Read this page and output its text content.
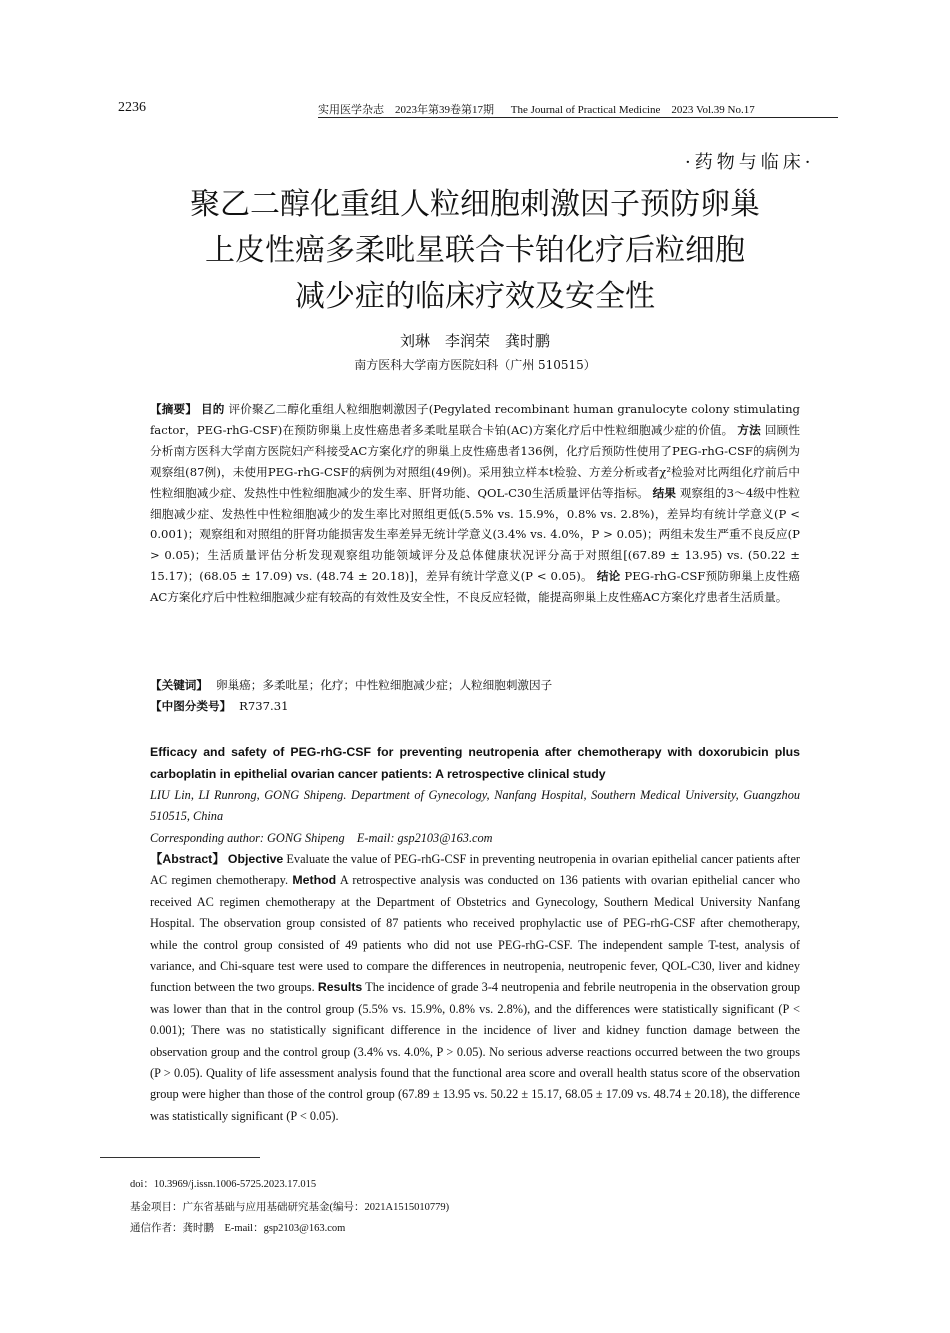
2236	实用医学杂志　2023年第39卷第17期 The Journal of Practical Medicine　2023 Vol.39 No.17
·药物与临床·
聚乙二醇化重组人粒细胞刺激因子预防卵巢
上皮性癌多柔吡星联合卡铂化疗后粒细胞
减少症的临床疗效及安全性
刘琳　李润荣　龚时鹏
南方医科大学南方医院妇科（广州 510515）
【摘要】 目的 评价聚乙二醇化重组人粒细胞刺激因子(Pegylated recombinant human granulocyte colony stimulating factor，PEG-rhG-CSF)在预防卵巢上皮性癌患者多柔吡星联合卡铂(AC)方案化疗后中性粒细胞减少症的价值。 方法 回顾性分析南方医科大学南方医院妇产科接受AC方案化疗的卵巢上皮性癌患者136例，化疗后预防性使用了PEG-rhG-CSF的病例为观察组(87例)，未使用PEG-rhG-CSF的病例为对照组(49例)。采用独立样本t检验、方差分析或者χ²检验对比两组化疗前后中性粒细胞减少症、发热性中性粒细胞减少的发生率、肝肾功能、QOL-C30生活质量评估等指标。 结果 观察组的3～4级中性粒细胞减少症、发热性中性粒细胞减少的发生率比对照组更低(5.5% vs. 15.9%，0.8% vs. 2.8%)，差异均有统计学意义(P < 0.001)；观察组和对照组的肝肾功能损害发生率差异无统计学意义(3.4% vs. 4.0%，P > 0.05)；两组未发生严重不良反应(P > 0.05)；生活质量评估分析发现观察组功能领域评分及总体健康状况评分高于对照组[(67.89 ± 13.95) vs. (50.22 ± 15.17)；(68.05 ± 17.09) vs. (48.74 ± 20.18)]，差异有统计学意义(P < 0.05)。 结论 PEG-rhG-CSF预防卵巢上皮性癌AC方案化疗后中性粒细胞减少症有较高的有效性及安全性，不良反应轻微，能提高卵巢上皮性癌AC方案化疗患者生活质量。
【关键词】 卵巢癌；多柔吡星；化疗；中性粒细胞减少症；人粒细胞刺激因子
【中图分类号】 R737.31
Efficacy and safety of PEG-rhG-CSF for preventing neutropenia after chemotherapy with doxorubicin plus carboplatin in epithelial ovarian cancer patients: A retrospective clinical study
LIU Lin, LI Runrong, GONG Shipeng. Department of Gynecology, Nanfang Hospital, Southern Medical University, Guangzhou 510515, China
Corresponding author: GONG Shipeng　E-mail: gsp2103@163.com
【Abstract】 Objective Evaluate the value of PEG-rhG-CSF in preventing neutropenia in ovarian epithelial cancer patients after AC regimen chemotherapy. Method A retrospective analysis was conducted on 136 patients with ovarian epithelial cancer who received AC regimen chemotherapy at the Department of Obstetrics and Gynecology, Southern Medical University Nanfang Hospital. The observation group consisted of 87 patients who received prophylactic use of PEG-rhG-CSF after chemotherapy, while the control group consisted of 49 patients who did not use PEG-rhG-CSF. The independent sample T-test, analysis of variance, and Chi-square test were used to compare the differences in neutropenia, neutropenic fever, QOL-C30, liver and kidney function between the two groups. Results The incidence of grade 3-4 neutropenia and febrile neutropenia in the observation group was lower than that in the control group (5.5% vs. 15.9%, 0.8% vs. 2.8%), and the differences were statistically significant (P < 0.001); There was no statistically significant difference in the incidence of liver and kidney function damage between the observation group and the control group (3.4% vs. 4.0%, P > 0.05). No serious adverse reactions occurred between the two groups (P > 0.05). Quality of life assessment analysis found that the functional area score and overall health status score of the observation group were higher than those of the control group (67.89 ± 13.95 vs. 50.22 ± 15.17, 68.05 ± 17.09 vs. 48.74 ± 20.18), the difference was statistically significant (P < 0.05).
doi：10.3969/j.issn.1006-5725.2023.17.015
基金项目：广东省基础与应用基础研究基金(编号：2021A1515010779)
通信作者：龚时鹏　E-mail：gsp2103@163.com
